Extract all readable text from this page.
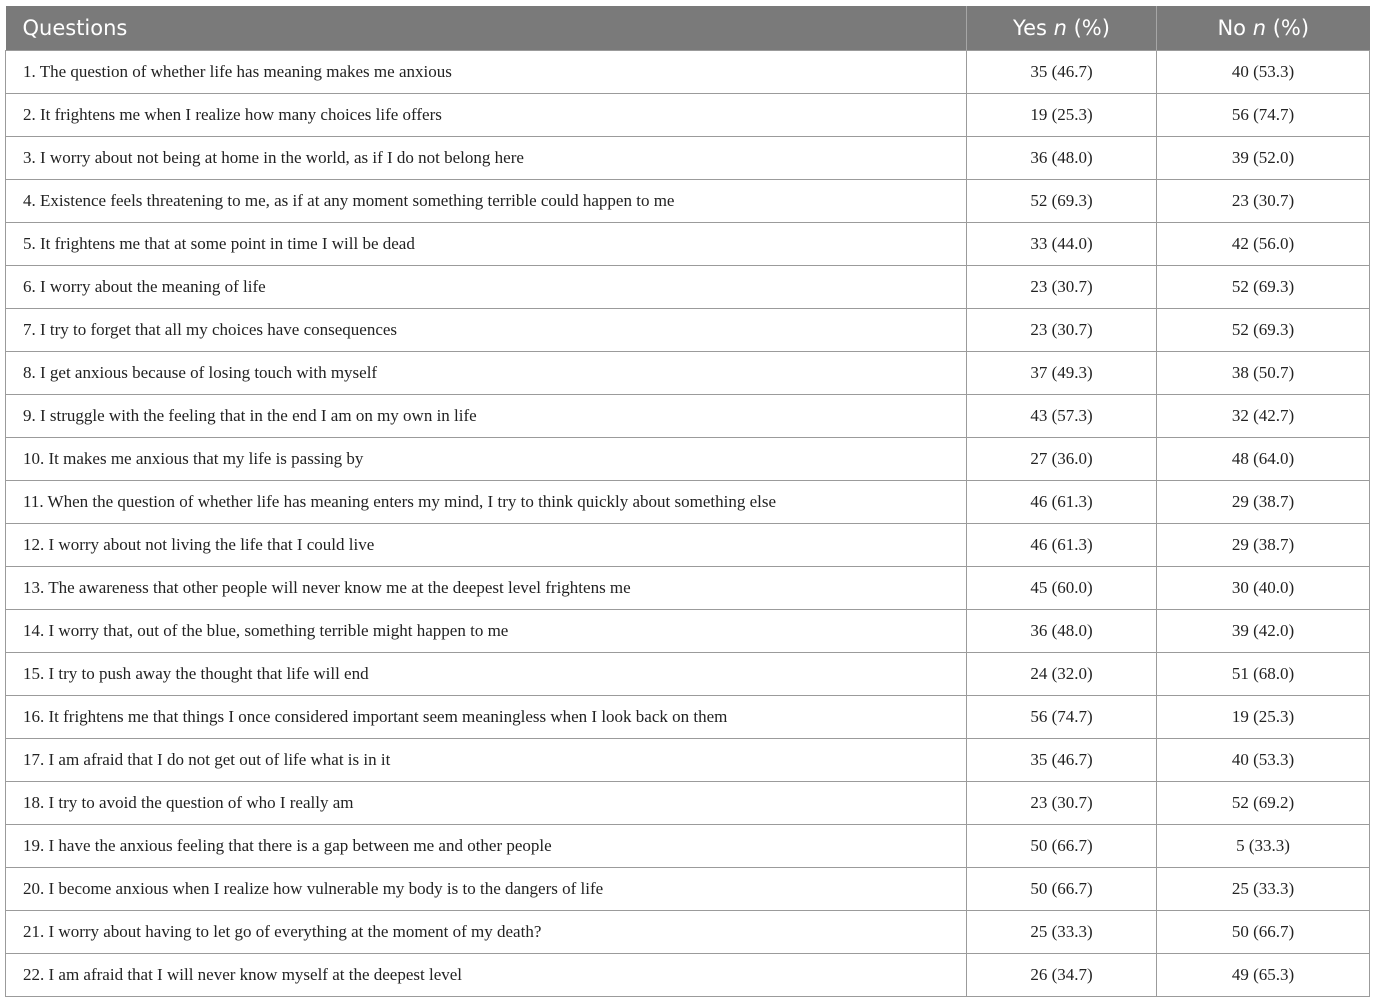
Questions	Yes n (%)	No n (%)
1. The question of whether life has meaning makes me anxious	35 (46.7)	40 (53.3)
2. It frightens me when I realize how many choices life offers	19 (25.3)	56 (74.7)
3. I worry about not being at home in the world, as if I do not belong here	36 (48.0)	39 (52.0)
4. Existence feels threatening to me, as if at any moment something terrible could happen to me	52 (69.3)	23 (30.7)
5. It frightens me that at some point in time I will be dead	33 (44.0)	42 (56.0)
6. I worry about the meaning of life	23 (30.7)	52 (69.3)
7. I try to forget that all my choices have consequences	23 (30.7)	52 (69.3)
8. I get anxious because of losing touch with myself	37 (49.3)	38 (50.7)
9. I struggle with the feeling that in the end I am on my own in life	43 (57.3)	32 (42.7)
10. It makes me anxious that my life is passing by	27 (36.0)	48 (64.0)
11. When the question of whether life has meaning enters my mind, I try to think quickly about something else	46 (61.3)	29 (38.7)
12. I worry about not living the life that I could live	46 (61.3)	29 (38.7)
13. The awareness that other people will never know me at the deepest level frightens me	45 (60.0)	30 (40.0)
14. I worry that, out of the blue, something terrible might happen to me	36 (48.0)	39 (42.0)
15. I try to push away the thought that life will end	24 (32.0)	51 (68.0)
16. It frightens me that things I once considered important seem meaningless when I look back on them	56 (74.7)	19 (25.3)
17. I am afraid that I do not get out of life what is in it	35 (46.7)	40 (53.3)
18. I try to avoid the question of who I really am	23 (30.7)	52 (69.2)
19. I have the anxious feeling that there is a gap between me and other people	50 (66.7)	5 (33.3)
20. I become anxious when I realize how vulnerable my body is to the dangers of life	50 (66.7)	25 (33.3)
21. I worry about having to let go of everything at the moment of my death?	25 (33.3)	50 (66.7)
22. I am afraid that I will never know myself at the deepest level	26 (34.7)	49 (65.3)
